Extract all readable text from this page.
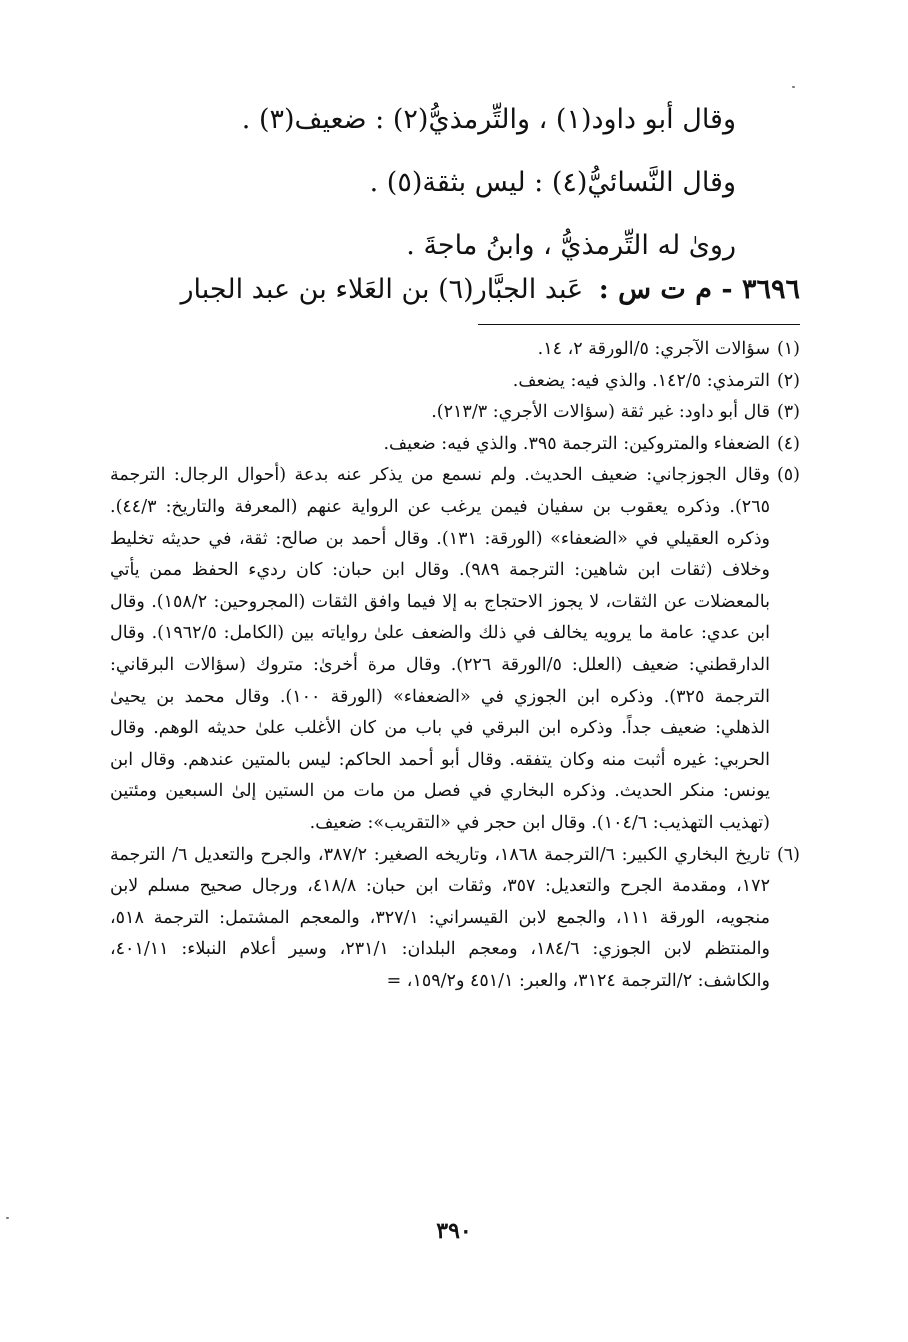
وقال أبو داود(١) ، والتِّرمذيُّ(٢) : ضعيف(٣) .
وقال النَّسائيُّ(٤) : ليس بثقة(٥) .
روىٰ له التِّرمذيُّ ، وابنُ ماجةَ .
٣٦٩٦ - م ت س : عَبد الجبَّار(٦) بن العَلاء بن عبد الجبار
(١)
سؤالات الآجري: ٥/الورقة ٢، ١٤.
(٢)
الترمذي: ١٤٢/٥. والذي فيه: يضعف.
(٣)
قال أبو داود: غير ثقة (سؤالات الأجري: ٢١٣/٣).
(٤)
الضعفاء والمتروكين: الترجمة ٣٩٥. والذي فيه: ضعيف.
(٥)
وقال الجوزجاني: ضعيف الحديث. ولم نسمع من يذكر عنه بدعة (أحوال الرجال: الترجمة ٢٦٥). وذكره يعقوب بن سفيان فيمن يرغب عن الرواية عنهم (المعرفة والتاريخ: ٤٤/٣). وذكره العقيلي في «الضعفاء» (الورقة: ١٣١). وقال أحمد بن صالح: ثقة، في حديثه تخليط وخلاف (ثقات ابن شاهين: الترجمة ٩٨٩). وقال ابن حبان: كان رديء الحفظ ممن يأتي بالمعضلات عن الثقات، لا يجوز الاحتجاج به إلا فيما وافق الثقات (المجروحين: ١٥٨/٢). وقال ابن عدي: عامة ما يرويه يخالف في ذلك والضعف علىٰ رواياته بين (الكامل: ١٩٦٢/٥). وقال الدارقطني: ضعيف (العلل: ٥/الورقة ٢٢٦). وقال مرة أخرىٰ: متروك (سؤالات البرقاني: الترجمة ٣٢٥). وذكره ابن الجوزي في «الضعفاء» (الورقة ١٠٠). وقال محمد بن يحيىٰ الذهلي: ضعيف جداً. وذكره ابن البرقي في باب من كان الأغلب علىٰ حديثه الوهم. وقال الحربي: غيره أثبت منه وكان يتفقه. وقال أبو أحمد الحاكم: ليس بالمتين عندهم. وقال ابن يونس: منكر الحديث. وذكره البخاري في فصل من مات من الستين إلىٰ السبعين ومئتين (تهذيب التهذيب: ١٠٤/٦). وقال ابن حجر في «التقريب»: ضعيف.
(٦)
تاريخ البخاري الكبير: ٦/الترجمة ١٨٦٨، وتاريخه الصغير: ٣٨٧/٢، والجرح والتعديل ٦/ الترجمة ١٧٢، ومقدمة الجرح والتعديل: ٣٥٧، وثقات ابن حبان: ٤١٨/٨، ورجال صحيح مسلم لابن منجويه، الورقة ١١١، والجمع لابن القيسراني: ٣٢٧/١، والمعجم المشتمل: الترجمة ٥١٨، والمنتظم لابن الجوزي: ١٨٤/٦، ومعجم البلدان: ٢٣١/١، وسير أعلام النبلاء: ٤٠١/١١، والكاشف: ٢/الترجمة ٣١٢٤، والعبر: ٤٥١/١ و١٥٩/٢، =
٣٩٠
